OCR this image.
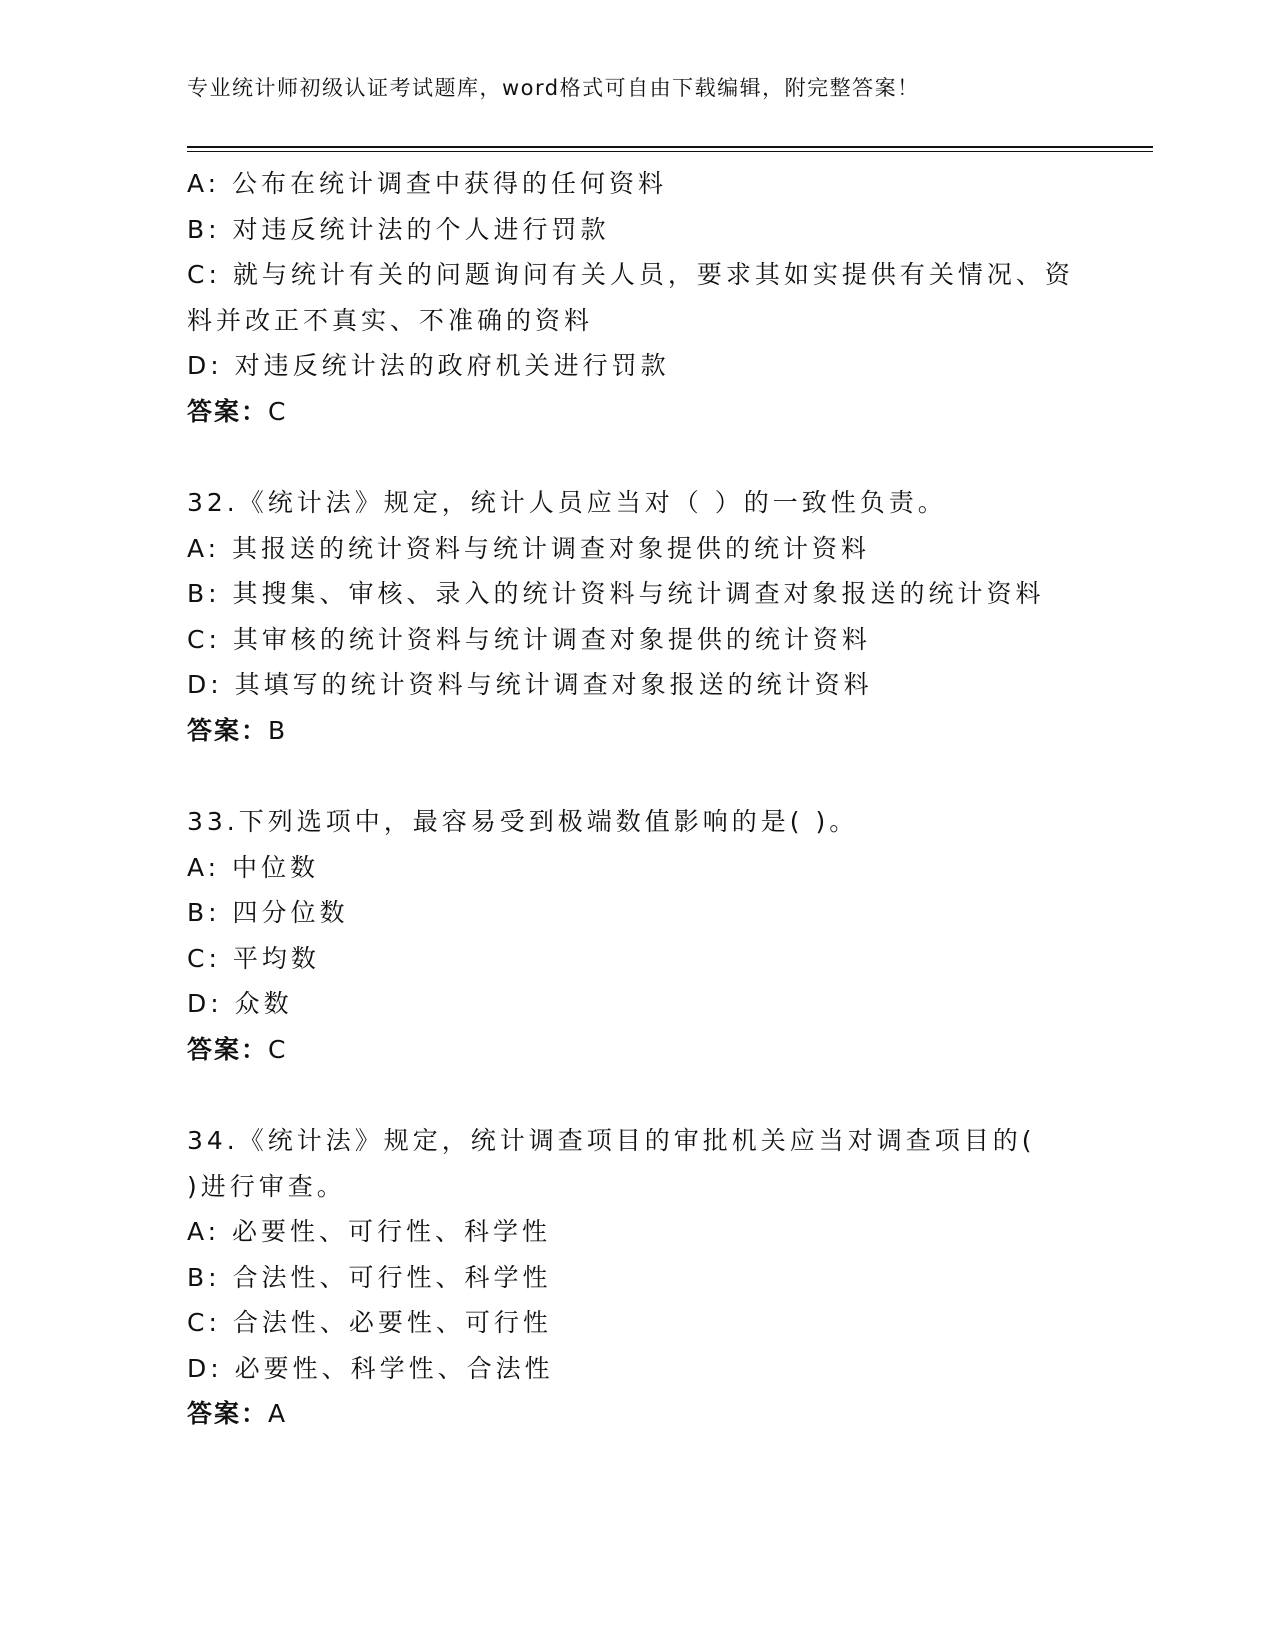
专业统计师初级认证考试题库，word格式可自由下载编辑，附完整答案！
A: 公布在统计调查中获得的任何资料
B: 对违反统计法的个人进行罚款
C: 就与统计有关的问题询问有关人员，要求其如实提供有关情况、资
料并改正不真实、不准确的资料
D: 对违反统计法的政府机关进行罚款
答案：C
32.《统计法》规定，统计人员应当对（ ）的一致性负责。
A: 其报送的统计资料与统计调查对象提供的统计资料
B: 其搜集、审核、录入的统计资料与统计调查对象报送的统计资料
C: 其审核的统计资料与统计调查对象提供的统计资料
D: 其填写的统计资料与统计调查对象报送的统计资料
答案：B
33.下列选项中，最容易受到极端数值影响的是( )。
A: 中位数
B: 四分位数
C: 平均数
D: 众数
答案：C
34.《统计法》规定，统计调查项目的审批机关应当对调查项目的(
)进行审查。
A: 必要性、可行性、科学性
B: 合法性、可行性、科学性
C: 合法性、必要性、可行性
D: 必要性、科学性、合法性
答案：A
